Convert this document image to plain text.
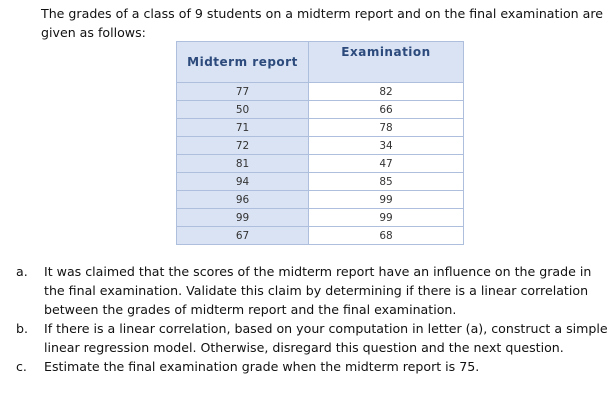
The grades of a class of 9 students on a midterm report and on the final examination are given as follows:

Midterm report	Examination
77	82
50	66
71	78
72	34
81	47
94	85
96	99
99	99
67	68
a. It was claimed that the scores of the midterm report have an influence on the grade in the final examination. Validate this claim by determining if there is a linear correlation between the grades of midterm report and the final examination.
b. If there is a linear correlation, based on your computation in letter (a), construct a simple linear regression model. Otherwise, disregard this question and the next question.
c. Estimate the final examination grade when the midterm report is 75.
